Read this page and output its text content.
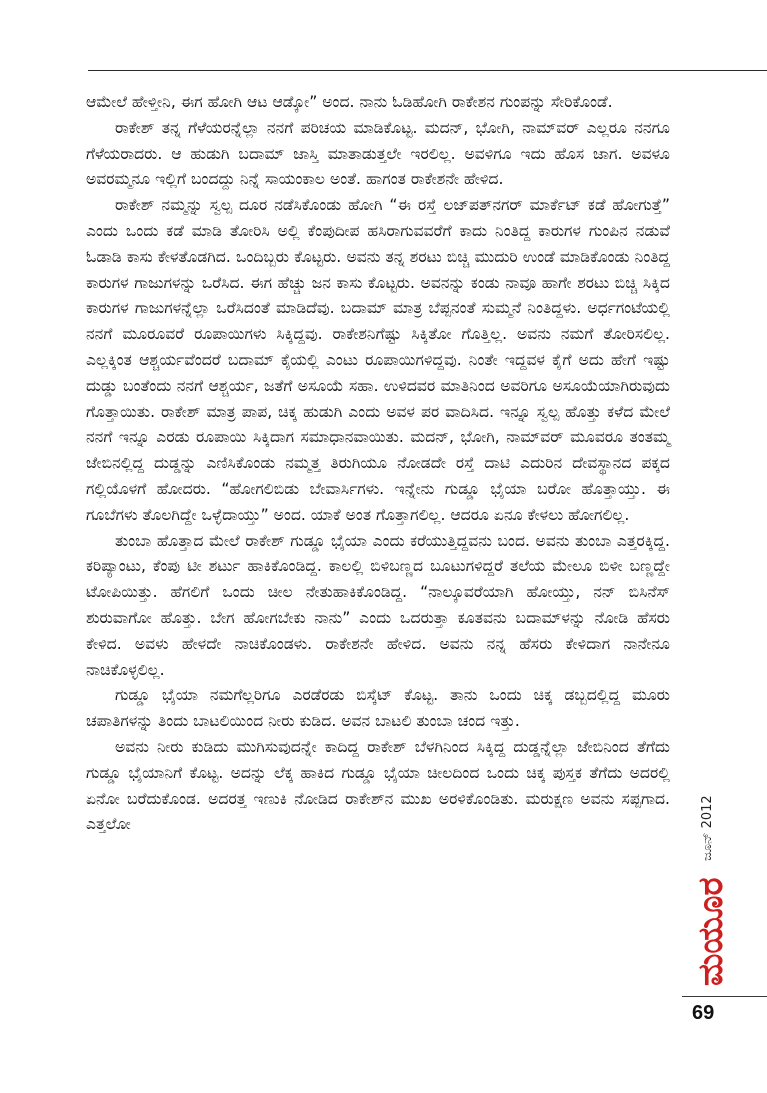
ಆಮೇಲೆ ಹೇಳ್ತೀನಿ, ಈಗ ಹೋಗಿ ಆಟ ಆಡ್ಕೋ” ಅಂದ. ನಾನು ಓಡಿಹೋಗಿ ರಾಕೇಶನ ಗುಂಪನ್ನು ಸೇರಿಕೊಂಡೆ.

ರಾಕೇಶ್ ತನ್ನ ಗೆಳೆಯರನ್ನೆಲ್ಲಾ ನನಗೆ ಪರಿಚಯ ಮಾಡಿಕೊಟ್ಟ. ಮದನ್, ಭೋಗಿ, ನಾಮ್‌ವರ್ ಎಲ್ಲರೂ ನನಗೂ ಗೆಳೆಯರಾದರು. ಆ ಹುಡುಗಿ ಬದಾಮ್ ಜಾಸ್ತಿ ಮಾತಾಡುತ್ತಲೇ ಇರಲಿಲ್ಲ. ಅವಳಿಗೂ ಇದು ಹೊಸ ಜಾಗ. ಅವಳೂ ಅವರಮ್ಮನೂ ಇಲ್ಲಿಗೆ ಬಂದದ್ದು ನಿನ್ನೆ ಸಾಯಂಕಾಲ ಅಂತೆ. ಹಾಗಂತ ರಾಕೇಶನೇ ಹೇಳಿದ.

ರಾಕೇಶ್ ನಮ್ಮನ್ನು ಸ್ವಲ್ಪ ದೂರ ನಡೆಸಿಕೊಂಡು ಹೋಗಿ “ಈ ರಸ್ತೆ ಲಜ್‌ಪತ್‌ನಗರ್ ಮಾರ್ಕೆಟ್ ಕಡೆ ಹೋಗುತ್ತೆ” ಎಂದು ಒಂದು ಕಡೆ ಮಾಡಿ ತೋರಿಸಿ ಅಲ್ಲಿ ಕೆಂಪುದೀಪ ಹಸಿರಾಗುವವರೆಗೆ ಕಾದು ನಿಂತಿದ್ದ ಕಾರುಗಳ ಗುಂಪಿನ ನಡುವೆ ಓಡಾಡಿ ಕಾಸು ಕೇಳತೊಡಗಿದ. ಒಂದಿಬ್ಬರು ಕೊಟ್ಟರು. ಅವನು ತನ್ನ ಶರಟು ಬಿಚ್ಚಿ ಮುದುರಿ ಉಂಡೆ ಮಾಡಿಕೊಂಡು ನಿಂತಿದ್ದ ಕಾರುಗಳ ಗಾಜುಗಳನ್ನು ಒರೆಸಿದ. ಈಗ ಹೆಚ್ಚು ಜನ ಕಾಸು ಕೊಟ್ಟರು. ಅವನನ್ನು ಕಂಡು ನಾವೂ ಹಾಗೇ ಶರಟು ಬಿಚ್ಚಿ ಸಿಕ್ಕಿದ ಕಾರುಗಳ ಗಾಜುಗಳನ್ನೆಲ್ಲಾ ಒರೆಸಿದಂತೆ ಮಾಡಿದೆವು. ಬದಾಮ್ ಮಾತ್ರ ಬೆಪ್ಪನಂತೆ ಸುಮ್ಮನೆ ನಿಂತಿದ್ದಳು. ಅರ್ಧಗಂಟೆಯಲ್ಲಿ ನನಗೆ ಮೂರೂವರೆ ರೂಪಾಯಿಗಳು ಸಿಕ್ಕಿದ್ದವು. ರಾಕೇಶನಿಗೆಷ್ಟು ಸಿಕ್ಕಿತೋ ಗೊತ್ತಿಲ್ಲ. ಅವನು ನಮಗೆ ತೋರಿಸಲಿಲ್ಲ. ಎಲ್ಲಕ್ಕಿಂತ ಆಶ್ಚರ್ಯವೆಂದರೆ ಬದಾಮ್ ಕೈಯಲ್ಲಿ ಎಂಟು ರೂಪಾಯಿಗಳಿದ್ದವು. ನಿಂತೇ ಇದ್ದವಳ ಕೈಗೆ ಅದು ಹೇಗೆ ಇಷ್ಟು ದುಡ್ಡು ಬಂತೆಂದು ನನಗೆ ಆಶ್ಚರ್ಯ, ಜತೆಗೆ ಅಸೂಯೆ ಸಹಾ. ಉಳಿದವರ ಮಾತಿನಿಂದ ಅವರಿಗೂ ಅಸೂಯೆಯಾಗಿರುವುದು ಗೊತ್ತಾಯಿತು. ರಾಕೇಶ್ ಮಾತ್ರ ಪಾಪ, ಚಿಕ್ಕ ಹುಡುಗಿ ಎಂದು ಅವಳ ಪರ ವಾದಿಸಿದ. ಇನ್ನೂ ಸ್ವಲ್ಪ ಹೊತ್ತು ಕಳೆದ ಮೇಲೆ ನನಗೆ ಇನ್ನೂ ಎರಡು ರೂಪಾಯಿ ಸಿಕ್ಕಿದಾಗ ಸಮಾಧಾನವಾಯಿತು. ಮದನ್, ಭೋಗಿ, ನಾಮ್‌ವರ್ ಮೂವರೂ ತಂತಮ್ಮ ಜೇಬಿನಲ್ಲಿದ್ದ ದುಡ್ಡನ್ನು ಎಣಿಸಿಕೊಂಡು ನಮ್ಮತ್ತ ತಿರುಗಿಯೂ ನೋಡದೇ ರಸ್ತೆ ದಾಟಿ ಎದುರಿನ ದೇವಸ್ಥಾನದ ಪಕ್ಕದ ಗಲ್ಲಿಯೊಳಗೆ ಹೋದರು. “ಹೋಗಲಿಬಿಡು ಬೇವಾರ್ಸಿಗಳು. ಇನ್ನೇನು ಗುಡ್ಡೂ ಭೈಯಾ ಬರೋ ಹೊತ್ತಾಯ್ತು. ಈ ಗೂಬೆಗಳು ತೊಲಗಿದ್ದೇ ಒಳ್ಳೆದಾಯ್ತು” ಅಂದ. ಯಾಕೆ ಅಂತ ಗೊತ್ತಾಗಲಿಲ್ಲ. ಆದರೂ ಏನೂ ಕೇಳಲು ಹೋಗಲಿಲ್ಲ.

ತುಂಬಾ ಹೊತ್ತಾದ ಮೇಲೆ ರಾಕೇಶ್ ಗುಡ್ಡೂ ಭೈಯಾ ಎಂದು ಕರೆಯುತ್ತಿದ್ದವನು ಬಂದ. ಅವನು ತುಂಬಾ ಎತ್ತರಕ್ಕಿದ್ದ. ಕರಿಪ್ಯಾಂಟು, ಕೆಂಪು ಟೀ ಶರ್ಟು ಹಾಕಿಕೊಂಡಿದ್ದ. ಕಾಲಲ್ಲಿ ಬಿಳಿಬಣ್ಣದ ಬೂಟುಗಳಿದ್ದರೆ ತಲೆಯ ಮೇಲೂ ಬಿಳೀ ಬಣ್ಣದ್ದೇ ಟೋಪಿಯಿತ್ತು. ಹೆಗಲಿಗೆ ಒಂದು ಚೀಲ ನೇತುಹಾಕಿಕೊಂಡಿದ್ದ. “ನಾಲ್ಕೂವರೆಯಾಗಿ ಹೋಯ್ತು, ನನ್ ಬಿಸಿನೆಸ್ ಶುರುವಾಗೋ ಹೊತ್ತು. ಬೇಗ ಹೋಗಬೇಕು ನಾನು” ಎಂದು ಒದರುತ್ತಾ ಕೂತವನು ಬದಾಮ್‌ಳನ್ನು ನೋಡಿ ಹೆಸರು ಕೇಳಿದ. ಅವಳು ಹೇಳದೇ ನಾಚಿಕೊಂಡಳು. ರಾಕೇಶನೇ ಹೇಳಿದ. ಅವನು ನನ್ನ ಹೆಸರು ಕೇಳಿದಾಗ ನಾನೇನೂ ನಾಚಿಕೊಳ್ಳಲಿಲ್ಲ.

ಗುಡ್ಡೂ ಭೈಯಾ ನಮಗೆಲ್ಲರಿಗೂ ಎರಡೆರಡು ಬಿಸ್ಕೆಟ್ ಕೊಟ್ಟ. ತಾನು ಒಂದು ಚಿಕ್ಕ ಡಬ್ಬದಲ್ಲಿದ್ದ ಮೂರು ಚಪಾತಿಗಳನ್ನು ತಿಂದು ಬಾಟಲಿಯಿಂದ ನೀರು ಕುಡಿದ. ಅವನ ಬಾಟಲಿ ತುಂಬಾ ಚಂದ ಇತ್ತು.

ಅವನು ನೀರು ಕುಡಿದು ಮುಗಿಸುವುದನ್ನೇ ಕಾದಿದ್ದ ರಾಕೇಶ್ ಬೆಳಗಿನಿಂದ ಸಿಕ್ಕಿದ್ದ ದುಡ್ಡನ್ನೆಲ್ಲಾ ಜೇಬಿನಿಂದ ತೆಗೆದು ಗುಡ್ಡೂ ಭೈಯಾನಿಗೆ ಕೊಟ್ಟ. ಅದನ್ನು ಲೆಕ್ಕ ಹಾಕಿದ ಗುಡ್ಡೂ ಭೈಯಾ ಚೀಲದಿಂದ ಒಂದು ಚಿಕ್ಕ ಪುಸ್ತಕ ತೆಗೆದು ಅದರಲ್ಲಿ ಏನೋ ಬರೆದುಕೊಂಡ. ಅದರತ್ತ ಇಣುಕಿ ನೋಡಿದ ರಾಕೇಶ್‌ನ ಮುಖ ಅರಳಿಕೊಂಡಿತು. ಮರುಕ್ಷಣ ಅವನು ಸಪ್ಪಗಾದ. ಎತ್ತಲೋ	ಜೂನ್ 2012
ಮಯೂರ
69
